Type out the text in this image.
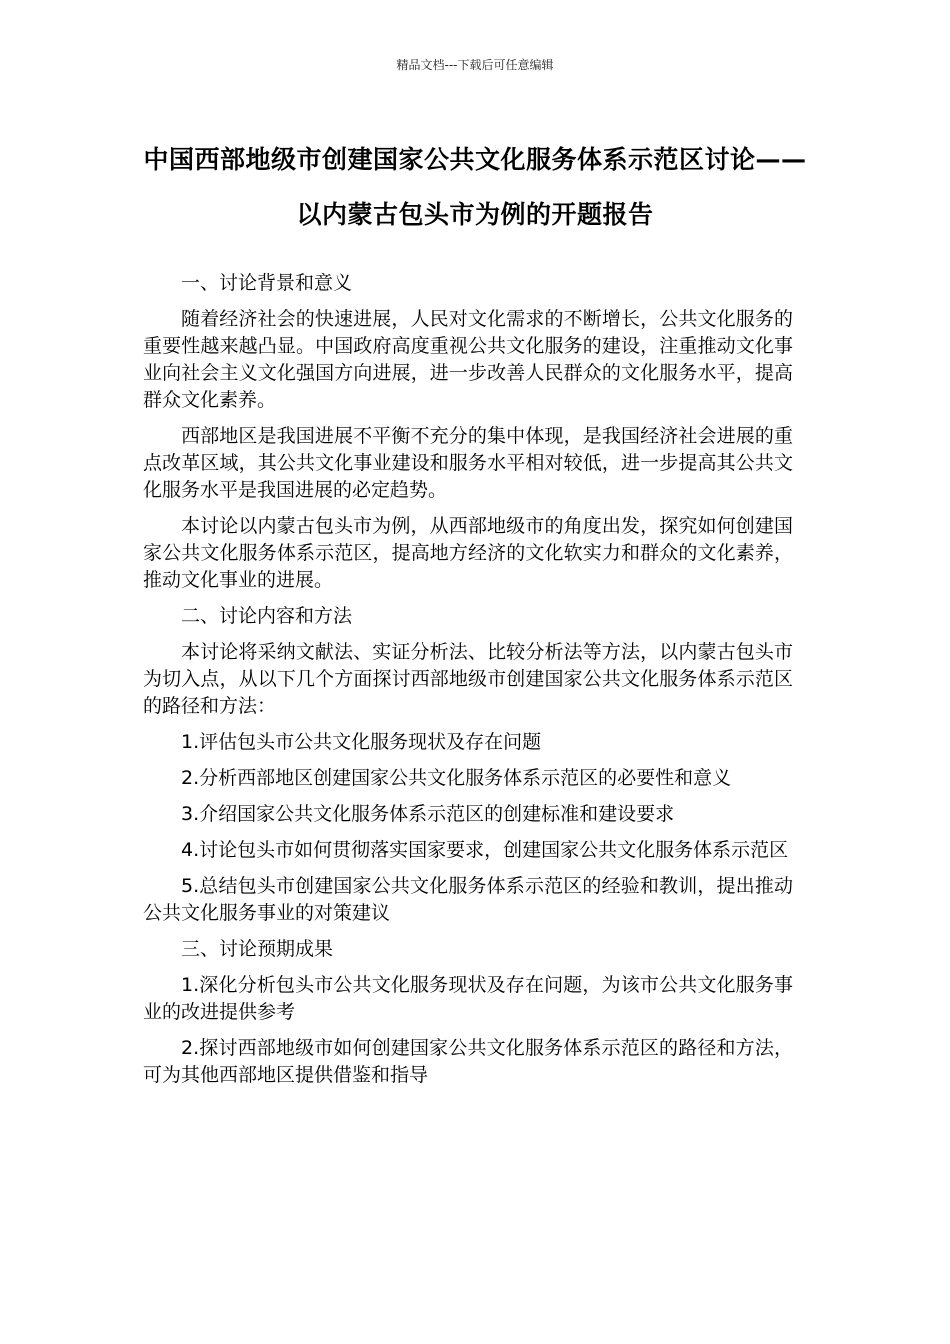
精品文档---下载后可任意编辑
中国西部地级市创建国家公共文化服务体系示范区讨论——以内蒙古包头市为例的开题报告

一、讨论背景和意义

随着经济社会的快速进展，人民对文化需求的不断增长，公共文化服务的重要性越来越凸显。中国政府高度重视公共文化服务的建设，注重推动文化事业向社会主义文化强国方向进展，进一步改善人民群众的文化服务水平，提高群众文化素养。

西部地区是我国进展不平衡不充分的集中体现，是我国经济社会进展的重点改革区域，其公共文化事业建设和服务水平相对较低，进一步提高其公共文化服务水平是我国进展的必定趋势。

本讨论以内蒙古包头市为例，从西部地级市的角度出发，探究如何创建国家公共文化服务体系示范区，提高地方经济的文化软实力和群众的文化素养，推动文化事业的进展。

二、讨论内容和方法

本讨论将采纳文献法、实证分析法、比较分析法等方法，以内蒙古包头市为切入点，从以下几个方面探讨西部地级市创建国家公共文化服务体系示范区的路径和方法：

1.评估包头市公共文化服务现状及存在问题

2.分析西部地区创建国家公共文化服务体系示范区的必要性和意义

3.介绍国家公共文化服务体系示范区的创建标准和建设要求

4.讨论包头市如何贯彻落实国家要求，创建国家公共文化服务体系示范区

5.总结包头市创建国家公共文化服务体系示范区的经验和教训，提出推动公共文化服务事业的对策建议

三、讨论预期成果

1.深化分析包头市公共文化服务现状及存在问题，为该市公共文化服务事业的改进提供参考

2.探讨西部地级市如何创建国家公共文化服务体系示范区的路径和方法，可为其他西部地区提供借鉴和指导
